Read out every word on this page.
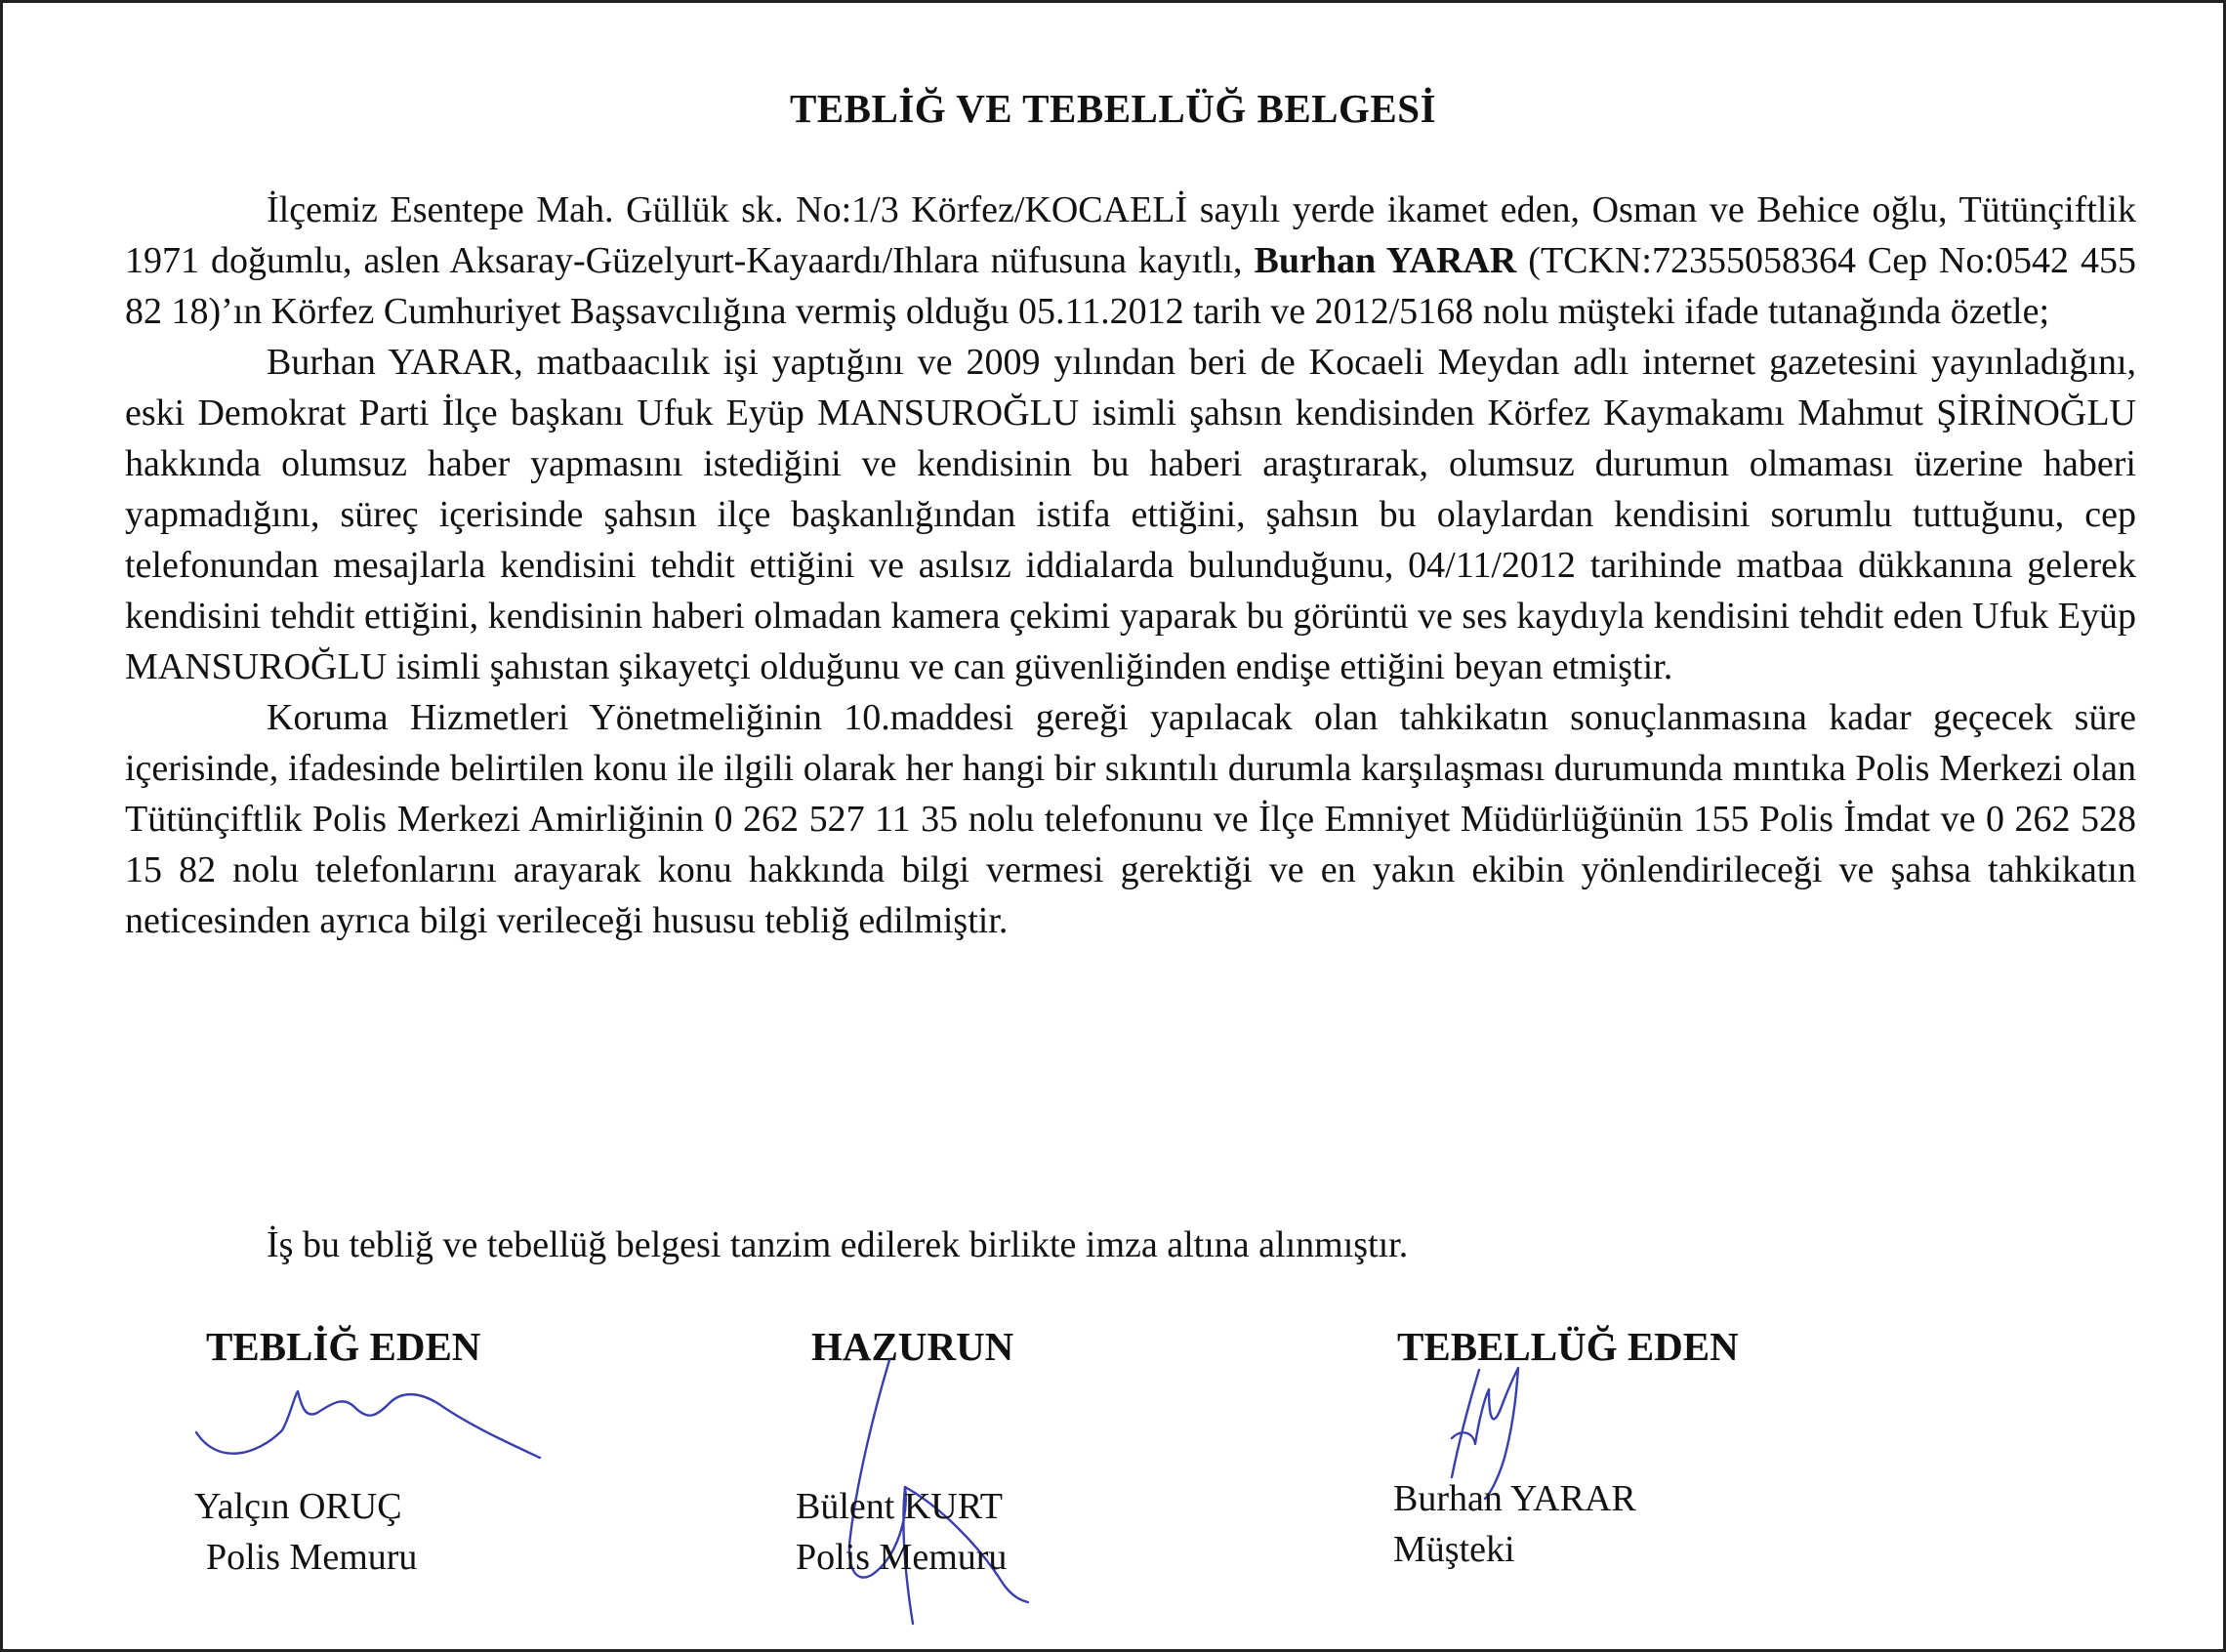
TEBLİĞ VE TEBELLÜĞ BELGESİ

İlçemiz Esentepe Mah. Güllük sk. No:1/3 Körfez/KOCAELİ sayılı yerde ikamet eden, Osman ve Behice oğlu, Tütünçiftlik 1971 doğumlu, aslen Aksaray-Güzelyurt-Kayaardı/Ihlara nüfusuna kayıtlı, Burhan YARAR (TCKN:72355058364 Cep No:0542 455 82 18)’ın Körfez Cumhuriyet Başsavcılığına vermiş olduğu 05.11.2012 tarih ve 2012/5168 nolu müşteki ifade tutanağında özetle;

Burhan YARAR, matbaacılık işi yaptığını ve 2009 yılından beri de Kocaeli Meydan adlı internet gazetesini yayınladığını, eski Demokrat Parti İlçe başkanı Ufuk Eyüp MANSUROĞLU isimli şahsın kendisinden Körfez Kaymakamı Mahmut ŞİRİNOĞLU hakkında olumsuz haber yapmasını istediğini ve kendisinin bu haberi araştırarak, olumsuz durumun olmaması üzerine haberi yapmadığını, süreç içerisinde şahsın ilçe başkanlığından istifa ettiğini, şahsın bu olaylardan kendisini sorumlu tuttuğunu, cep telefonundan mesajlarla kendisini tehdit ettiğini ve asılsız iddialarda bulunduğunu, 04/11/2012 tarihinde matbaa dükkanına gelerek kendisini tehdit ettiğini, kendisinin haberi olmadan kamera çekimi yaparak bu görüntü ve ses kaydıyla kendisini tehdit eden Ufuk Eyüp MANSUROĞLU isimli şahıstan şikayetçi olduğunu ve can güvenliğinden endişe ettiğini beyan etmiştir.

Koruma Hizmetleri Yönetmeliğinin 10.maddesi gereği yapılacak olan tahkikatın sonuçlanmasına kadar geçecek süre içerisinde, ifadesinde belirtilen konu ile ilgili olarak her hangi bir sıkıntılı durumla karşılaşması durumunda mıntıka Polis Merkezi olan Tütünçiftlik Polis Merkezi Amirliğinin 0 262 527 11 35 nolu telefonunu ve İlçe Emniyet Müdürlüğünün 155 Polis İmdat ve 0 262 528 15 82 nolu telefonlarını arayarak konu hakkında bilgi vermesi gerektiği ve en yakın ekibin yönlendirileceği ve şahsa tahkikatın neticesinden ayrıca bilgi verileceği hususu tebliğ edilmiştir.

İş bu tebliğ ve tebellüğ belgesi tanzim edilerek birlikte imza altına alınmıştır.
TEBLİĞ EDEN
Yalçın ORUÇ
Polis Memuru
HAZURUN
Bülent KURT
Polis Memuru
TEBELLÜĞ EDEN
Burhan YARAR
Müşteki
